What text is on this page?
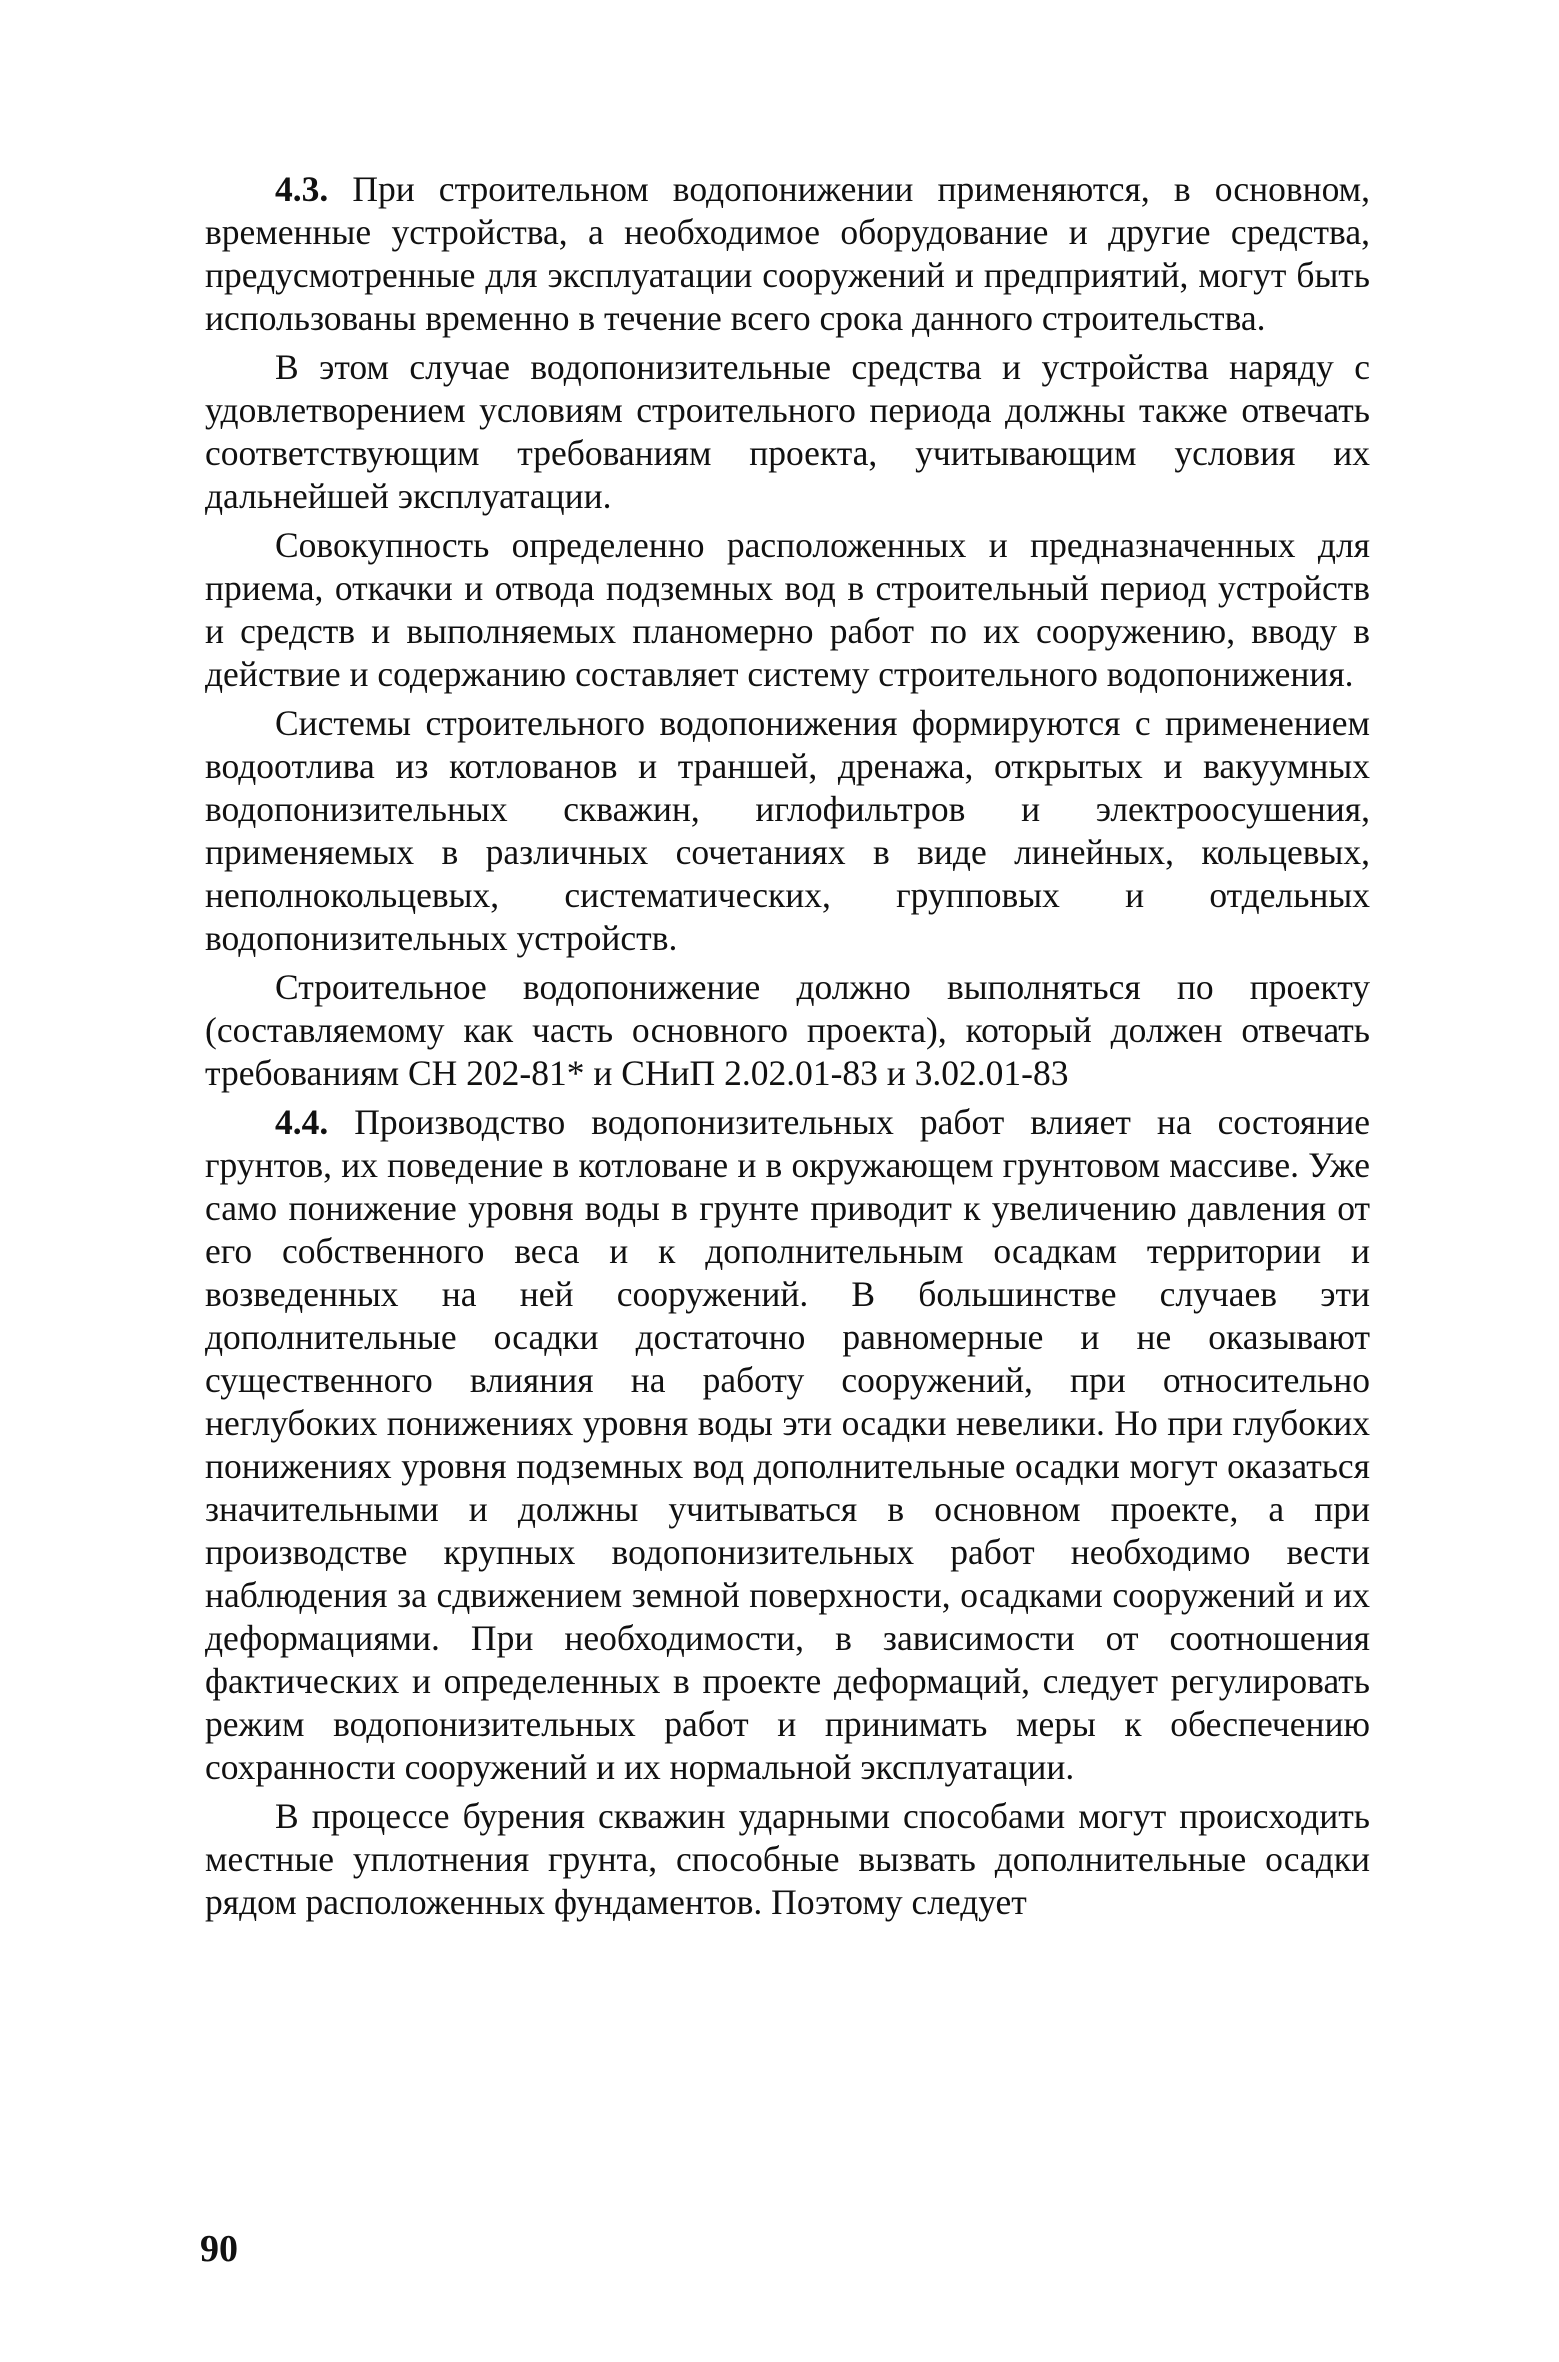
4.3. При строительном водопонижении применяются, в основном, временные устройства, а необходимое оборудование и другие средства, предусмотренные для эксплуатации сооружений и предприятий, могут быть использованы временно в течение всего срока данного строительства.

В этом случае водопонизительные средства и устройства наряду с удовлетворением условиям строительного периода должны также отвечать соответствующим требованиям проекта, учитывающим условия их дальнейшей эксплуатации.

Совокупность определенно расположенных и предназначенных для приема, откачки и отвода подземных вод в строительный период устройств и средств и выполняемых планомерно работ по их сооружению, вводу в действие и содержанию составляет систему строительного водопонижения.

Системы строительного водопонижения формируются с применением водоотлива из котлованов и траншей, дренажа, открытых и вакуумных водопонизительных скважин, иглофильтров и электроосушения, применяемых в различных сочетаниях в виде линейных, кольцевых, неполнокольцевых, систематических, групповых и отдельных водопонизительных устройств.

Строительное водопонижение должно выполняться по проекту (составляемому как часть основного проекта), который должен отвечать требованиям СН 202-81* и СНиП 2.02.01-83 и 3.02.01-83

4.4. Производство водопонизительных работ влияет на состояние грунтов, их поведение в котловане и в окружающем грунтовом массиве. Уже само понижение уровня воды в грунте приводит к увеличению давления от его собственного веса и к дополнительным осадкам территории и возведенных на ней сооружений. В большинстве случаев эти дополнительные осадки достаточно равномерные и не оказывают существенного влияния на работу сооружений, при относительно неглубоких понижениях уровня воды эти осадки невелики. Но при глубоких понижениях уровня подземных вод дополнительные осадки могут оказаться значительными и должны учитываться в основном проекте, а при производстве крупных водопонизительных работ необходимо вести наблюдения за сдвижением земной поверхности, осадками сооружений и их деформациями. При необходимости, в зависимости от соотношения фактических и определенных в проекте деформаций, следует регулировать режим водопонизительных работ и принимать меры к обеспечению сохранности сооружений и их нормальной эксплуатации.

В процессе бурения скважин ударными способами могут происходить местные уплотнения грунта, способные вызвать дополнительные осадки рядом расположенных фундаментов. Поэтому следует

90
